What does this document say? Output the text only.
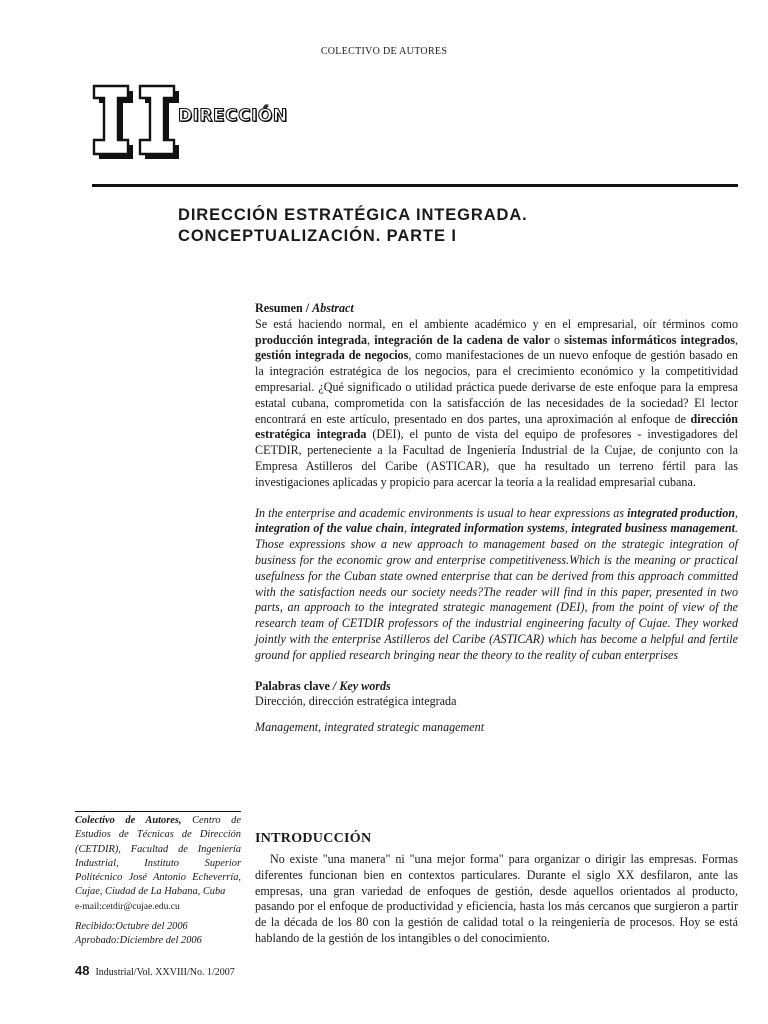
COLECTIVO DE AUTORES
DIRECCIÓN
DIRECCIÓN ESTRATÉGICA INTEGRADA.
CONCEPTUALIZACIÓN. PARTE I
Resumen / Abstract

Se está haciendo normal, en el ambiente académico y en el empresarial, oír términos como producción integrada, integración de la cadena de valor o sistemas informáticos integrados, gestión integrada de negocios, como manifestaciones de un nuevo enfoque de gestión basado en la integración estratégica de los negocios, para el crecimiento económico y la competitividad empresarial. ¿Qué significado o utilidad práctica puede derivarse de este enfoque para la empresa estatal cubana, comprometida con la satisfacción de las necesidades de la sociedad? El lector encontrará en este artículo, presentado en dos partes, una aproximación al enfoque de dirección estratégica integrada (DEI), el punto de vista del equipo de profesores - investigadores del CETDIR, perteneciente a la Facultad de Ingeniería Industrial de la Cujae, de conjunto con la Empresa Astilleros del Caribe (ASTICAR), que ha resultado un terreno fértil para las investigaciones aplicadas y propicio para acercar la teoría a la realidad empresarial cubana.

In the enterprise and academic environments is usual to hear expressions as integrated production, integration of the value chain, integrated information systems, integrated business management. Those expressions show a new approach to management based on the strategic integration of business for the economic grow and enterprise competitiveness.Which is the meaning or practical usefulness for the Cuban state owned enterprise that can be derived from this approach committed with the satisfaction needs our society needs?The reader will find in this paper, presented in two parts, an approach to the integrated strategic management (DEI), from the point of view of the research team of CETDIR professors of the industrial engineering faculty of Cujae. They worked jointly with the enterprise Astilleros del Caribe (ASTICAR) which has become a helpful and fertile ground for applied research bringing near the theory to the reality of cuban enterprises

Palabras clave / Key words
Dirección, dirección estratégica integrada
Management, integrated strategic management
Colectivo de Autores, Centro de Estudios de Técnicas de Dirección (CETDIR), Facultad de Ingeniería Industrial, Instituto Superior Politécnico José Antonio Echeverría, Cujae, Ciudad de La Habana, Cuba
e-mail:cetdir@cujae.edu.cu
Recibido:Octubre del 2006
Aprobado:Diciembre del 2006
INTRODUCCIÓN

No existe "una manera" ni "una mejor forma" para organizar o dirigir las empresas. Formas diferentes funcionan bien en contextos particulares. Durante el siglo XX desfilaron, ante las empresas, una gran variedad de enfoques de gestión, desde aquellos orientados al producto, pasando por el enfoque de productividad y eficiencia, hasta los más cercanos que surgieron a partir de la década de los 80 con la gestión de calidad total o la reingeniería de procesos. Hoy se está hablando de la gestión de los intangibles o del conocimiento.

48 Industrial/Vol. XXVIII/No. 1/2007
